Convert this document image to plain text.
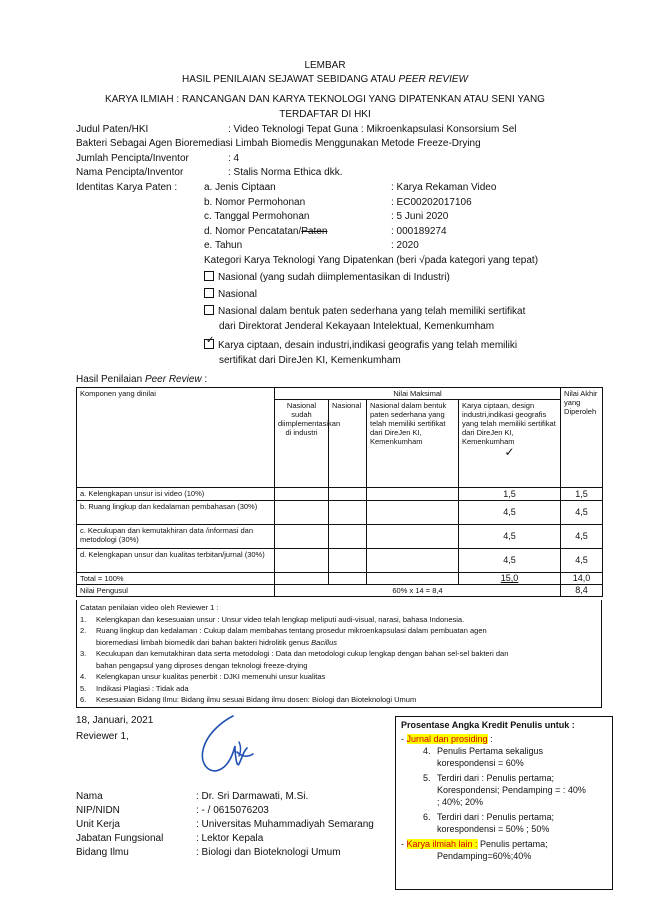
LEMBAR
HASIL PENILAIAN SEJAWAT SEBIDANG ATAU PEER REVIEW
KARYA ILMIAH : RANCANGAN DAN KARYA TEKNOLOGI YANG DIPATENKAN ATAU SENI YANG
TERDAFTAR DI HKI
Judul Paten/HKI	: Video Teknologi Tepat Guna : Mikroenkapsulasi Konsorsium Sel
Bakteri Sebagai Agen Bioremediasi Limbah Biomedis Menggunakan Metode Freeze-Drying
Jumlah Pencipta/Inventor	: 4
Nama Pencipta/Inventor	: Stalis Norma Ethica dkk.
Identitas Karya Paten :	a. Jenis Ciptaan	: Karya Rekaman Video
b. Nomor Permohonan	: EC00202017106
c. Tanggal Permohonan	: 5 Juni 2020
d. Nomor Pencatatan/Paten	: 000189274
e. Tahun	: 2020
Kategori Karya Teknologi Yang Dipatenkan (beri √pada kategori yang tepat)
Nasional (yang sudah diimplementasikan di Industri)
Nasional
Nasional dalam bentuk paten sederhana yang telah memiliki sertifikat
dari Direktorat Jenderal Kekayaan Intelektual, Kemenkumham
✓ Karya ciptaan, desain industri,indikasi geografis yang telah memiliki
sertifikat dari DireJen KI, Kemenkumham
Hasil Penilaian Peer Review :
Komponen yang dinilai	Nilai Maksimal				Nilai Akhir yang Diperoleh
	Nasional sudah diimplementasikan di industri	Nasional	Nasional dalam bentuk paten sederhana yang telah memiliki sertifikat dari DireJen KI, Kemenkumham	Karya ciptaan, design industri,indikasi geografis yang telah memiliki sertifikat dari DireJen KI, Kemenkumham
✓	

a. Kelengkapan unsur isi video (10%)				1,5	1,5
b. Ruang lingkup dan kedalaman pembahasan (30%)				4,5	4,5
c. Kecukupan dan kemutakhiran data /informasi dan metodologi (30%)				4,5	4,5
d. Kelengkapan unsur dan kualitas terbitan/jurnal (30%)				4,5	4,5
Total = 100%				15,0	14,0
Nilai Pengusul	60% x 14 = 8,4				8,4
Catatan penilaian video oleh Reviewer 1 :
1. Kelengkapan dan kesesuaian unsur : Unsur video telah lengkap meliputi audi-visual, narasi, bahasa Indonesia.
2. Ruang lingkup dan kedalaman : Cukup dalam membahas tentang prosedur mikroenkapsulasi dalam pembuatan agen
bioremediasi limbah biomedik dari bahan bakteri hidrolitik genus Bacillus
3. Kecukupan dan kemutakhiran data serta metodologi : Data dan metodologi cukup lengkap dengan bahan sel-sel bakteri dan
bahan pengapsul yang diproses dengan teknologi freeze-drying
4. Kelengkapan unsur kualitas penerbit : DJKI memenuhi unsur kualitas
5. Indikasi Plagiasi : Tidak ada
6. Kesesuaian Bidang Ilmu: Bidang ilmu sesuai Bidang ilmu dosen: Biologi dan Bioteknologi Umum
18, Januari, 2021
Reviewer 1,
Nama	: Dr. Sri Darmawati, M.Si.
NIP/NIDN	: - / 0615076203
Unit Kerja	: Universitas Muhammadiyah Semarang
Jabatan Fungsional	: Lektor Kepala
Bidang Ilmu	: Biologi dan Bioteknologi Umum
Prosentase Angka Kredit Penulis untuk :
- Jurnal dan prosiding :
4. Penulis Pertama sekaligus
korespondensi = 60%
5. Terdiri dari : Penulis pertama;
Korespondensi; Pendamping = : 40%
; 40%; 20%
6. Terdiri dari : Penulis pertama;
korespondensi = 50% ; 50%
- Karya ilmiah lain : Penulis pertama;
Pendamping=60%;40%
